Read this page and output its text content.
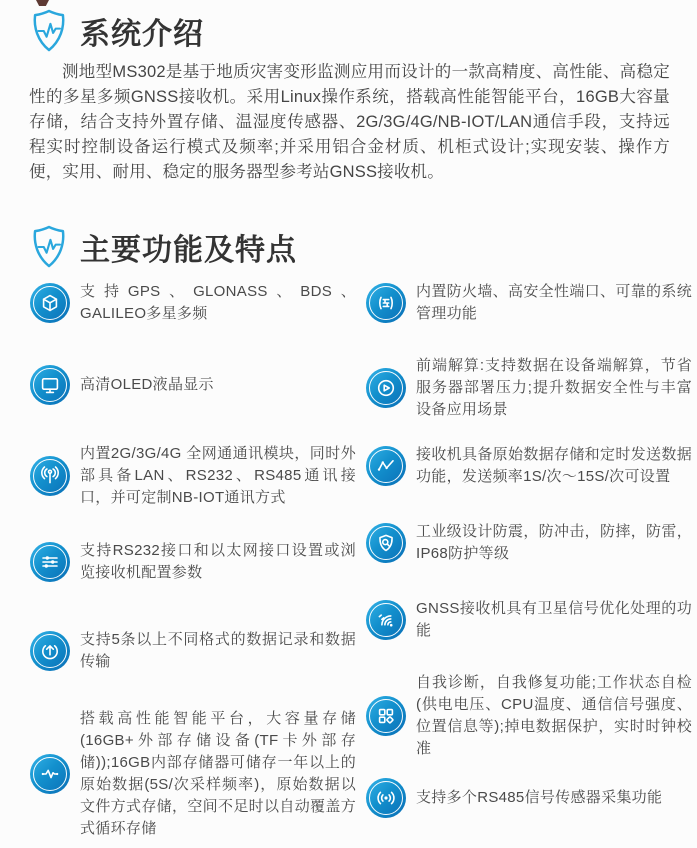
系统介绍
测地型MS302是基于地质灾害变形监测应用而设计的一款高精度、高性能、高稳定性的多星多频GNSS接收机。采用Linux操作系统，搭载高性能智能平台，16GB大容量存储，结合支持外置存储、温湿度传感器、2G/3G/4G/NB-IOT/LAN通信手段，支持远程实时控制设备运行模式及频率;并采用铝合金材质、机柜式设计;实现安装、操作方便，实用、耐用、稳定的服务器型参考站GNSS接收机。
主要功能及特点
支持GPS、GLONASS、BDS、GALILEO多星多频
高清OLED液晶显示
内置2G/3G/4G 全网通通讯模块，同时外部具备LAN、RS232、RS485通讯接口，并可定制NB-IOT通讯方式
支持RS232接口和以太网接口设置或浏览接收机配置参数
支持5条以上不同格式的数据记录和数据传输
搭载高性能智能平台，大容量存储(16GB+外部存储设备(TF卡外部存储));16GB内部存储器可储存一年以上的原始数据(5S/次采样频率)，原始数据以文件方式存储，空间不足时以自动覆盖方式循环存储
内置防火墙、高安全性端口、可靠的系统管理功能
前端解算:支持数据在设备端解算，节省服务器部署压力;提升数据安全性与丰富设备应用场景
接收机具备原始数据存储和定时发送数据功能，发送频率1S/次～15S/次可设置
工业级设计防震，防冲击，防摔，防雷，IP68防护等级
GNSS接收机具有卫星信号优化处理的功能
自我诊断，自我修复功能;工作状态自检(供电电压、CPU温度、通信信号强度、位置信息等);掉电数据保护，实时时钟校准
支持多个RS485信号传感器采集功能
